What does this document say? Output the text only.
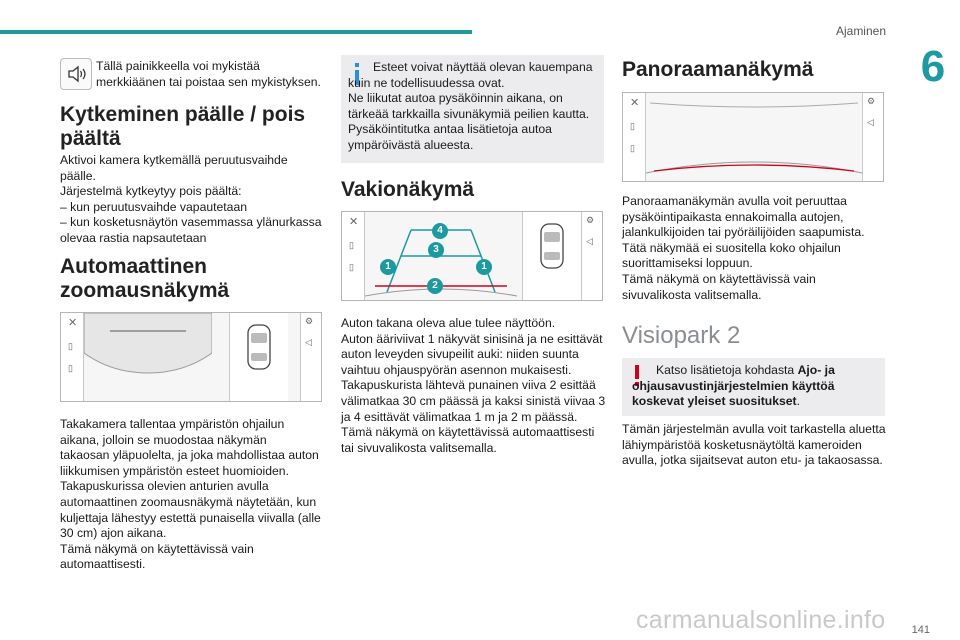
Ajaminen
6
Tällä painikkeella voi mykistää
merkkiäänen tai poistaa sen mykistyksen.
Kytkeminen päälle / pois
päältä
Aktivoi kamera kytkemällä peruutusvaihde
päälle.
Järjestelmä kytkeytyy pois päältä:
– kun peruutusvaihde vapautetaan
– kun kosketusnäytön vasemmassa ylänurkassa
olevaa rastia napsautetaan
Automaattinen
zoomausnäkymä
✕
▯
▯
⚙
◁
Takakamera tallentaa ympäristön ohjailun
aikana, jolloin se muodostaa näkymän
takaosan yläpuolelta, ja joka mahdollistaa auton
liikkumisen ympäristön esteet huomioiden.
Takapuskurissa olevien anturien avulla
automaattinen zoomausnäkymä näytetään, kun
kuljettaja lähestyy estettä punaisella viivalla (alle
30 cm) ajon aikana.
Tämä näkymä on käytettävissä vain
automaattisesti.
Esteet voivat näyttää olevan kauempana
kuin ne todellisuudessa ovat.
Ne liikutat autoa pysäköinnin aikana, on
tärkeää tarkkailla sivunäkymiä peilien kautta.
Pysäköintitutka antaa lisätietoja autoa
ympäröivästä alueesta.
Vakionäkymä
✕
▯
▯
4
3
1	1
2
⚙
◁
Auton takana oleva alue tulee näyttöön.
Auton ääriviivat 1 näkyvät sinisinä ja ne esittävät
auton leveyden sivupeilit auki: niiden suunta
vaihtuu ohjauspyörän asennon mukaisesti.
Takapuskurista lähtevä punainen viiva 2 esittää
välimatkaa 30 cm päässä ja kaksi sinistä viivaa 3
ja 4 esittävät välimatkaa 1 m ja 2 m päässä.
Tämä näkymä on käytettävissä automaattisesti
tai sivuvalikosta valitsemalla.
Panoraamanäkymä
✕
▯
▯
⚙
◁
Panoraamanäkymän avulla voit peruuttaa
pysäköintipaikasta ennakoimalla autojen,
jalankulkijoiden tai pyöräilijöiden saapumista.
Tätä näkymää ei suositella koko ohjailun
suorittamiseksi loppuun.
Tämä näkymä on käytettävissä vain
sivuvalikosta valitsemalla.
Visiopark 2
Katso lisätietoja kohdasta Ajo- ja
ohjausavustinjärjestelmien käyttöä
koskevat yleiset suositukset.
Tämän järjestelmän avulla voit tarkastella aluetta
lähiympäristöä kosketusnäytöltä kameroiden
avulla, jotka sijaitsevat auton etu- ja takaosassa.
carmanualsonline.info 141
